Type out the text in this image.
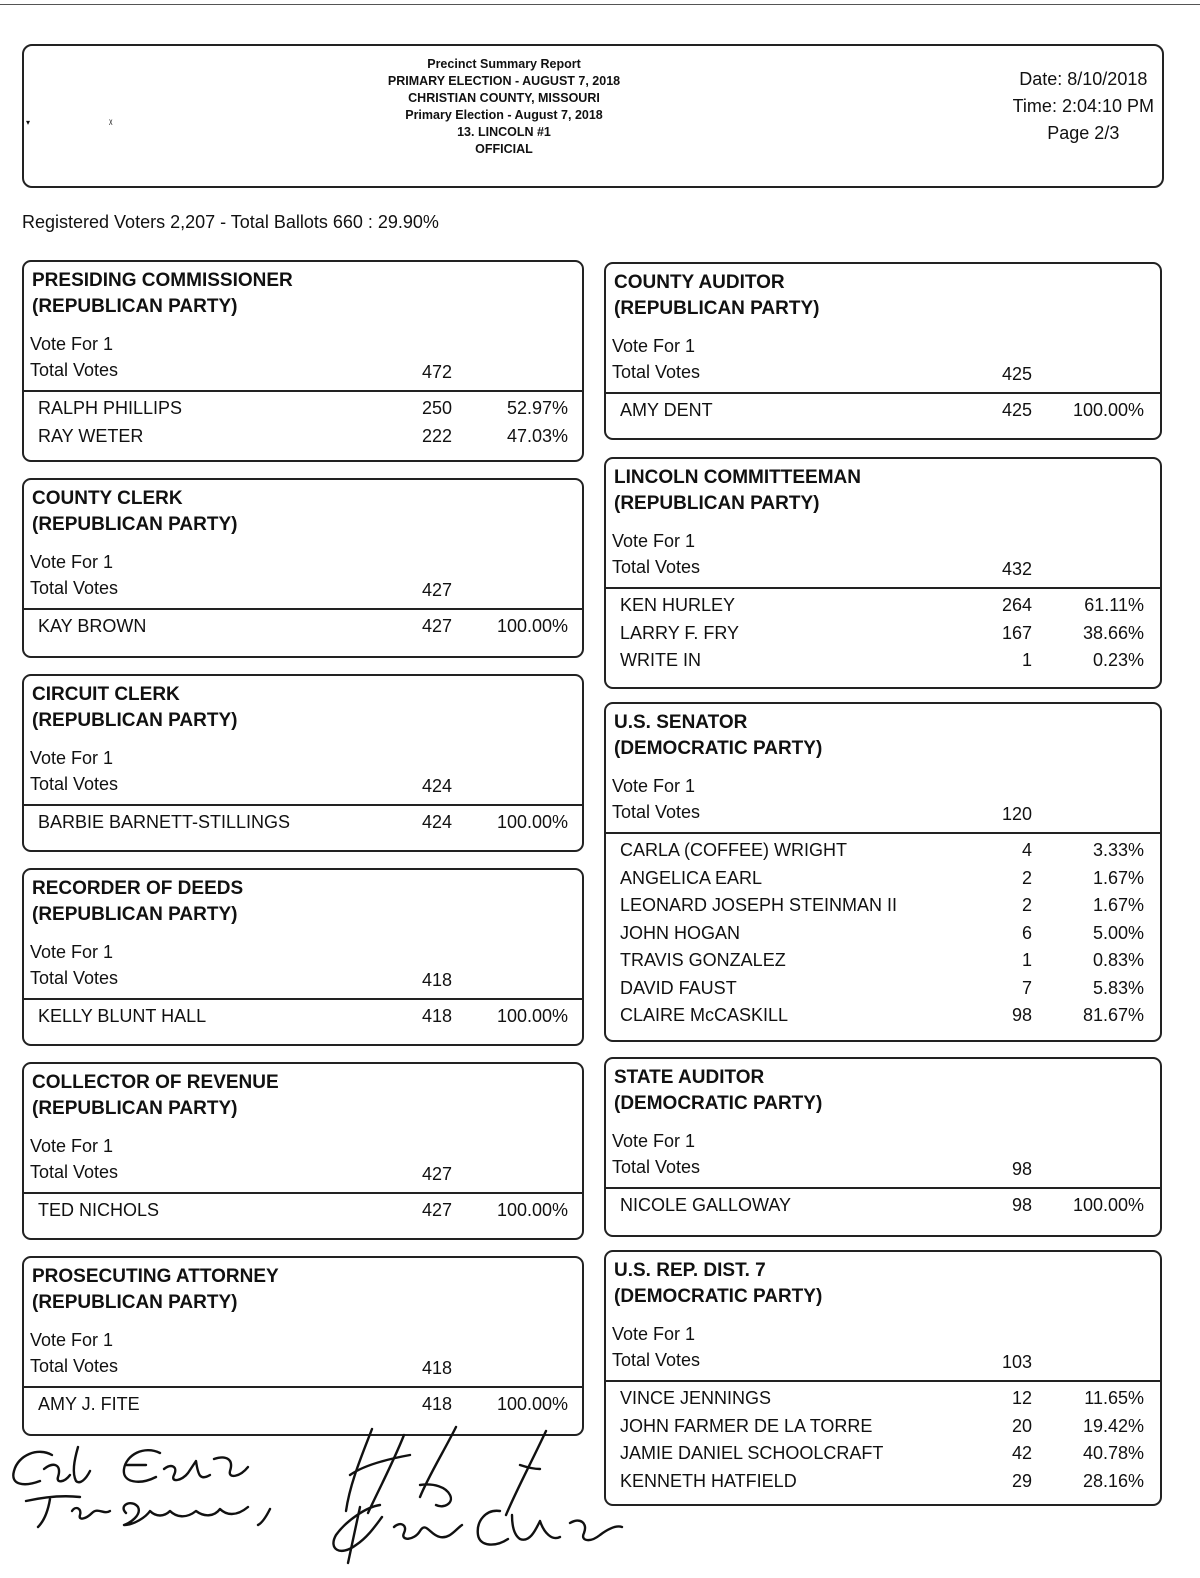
▾	ᵡ
Precinct Summary Report
PRIMARY ELECTION - AUGUST 7, 2018
CHRISTIAN COUNTY, MISSOURI
Primary Election - August 7, 2018
13. LINCOLN #1
OFFICIAL
Date: 8/10/2018
Time: 2:04:10 PM
Page 2/3
Registered Voters 2,207 - Total Ballots 660 : 29.90%
PRESIDING COMMISSIONER
(REPUBLICAN PARTY)
Vote For 1
Total Votes	472
RALPH PHILLIPS	250	52.97%
RAY WETER	222	47.03%
COUNTY CLERK
(REPUBLICAN PARTY)
Vote For 1
Total Votes	427
KAY BROWN	427	100.00%
CIRCUIT CLERK
(REPUBLICAN PARTY)
Vote For 1
Total Votes	424
BARBIE BARNETT-STILLINGS	424	100.00%
RECORDER OF DEEDS
(REPUBLICAN PARTY)
Vote For 1
Total Votes	418
KELLY BLUNT HALL	418	100.00%
COLLECTOR OF REVENUE
(REPUBLICAN PARTY)
Vote For 1
Total Votes	427
TED NICHOLS	427	100.00%
PROSECUTING ATTORNEY
(REPUBLICAN PARTY)
Vote For 1
Total Votes	418
AMY J. FITE	418	100.00%
COUNTY AUDITOR
(REPUBLICAN PARTY)
Vote For 1
Total Votes	425
AMY DENT	425	100.00%
LINCOLN COMMITTEEMAN
(REPUBLICAN PARTY)
Vote For 1
Total Votes	432
KEN HURLEY	264	61.11%
LARRY F. FRY	167	38.66%
WRITE IN	1	0.23%
U.S. SENATOR
(DEMOCRATIC PARTY)
Vote For 1
Total Votes	120
CARLA (COFFEE) WRIGHT	4	3.33%
ANGELICA EARL	2	1.67%
LEONARD JOSEPH STEINMAN II	2	1.67%
JOHN HOGAN	6	5.00%
TRAVIS GONZALEZ	1	0.83%
DAVID FAUST	7	5.83%
CLAIRE McCASKILL	98	81.67%
STATE AUDITOR
(DEMOCRATIC PARTY)
Vote For 1
Total Votes	98
NICOLE GALLOWAY	98	100.00%
U.S. REP. DIST. 7
(DEMOCRATIC PARTY)
Vote For 1
Total Votes	103
VINCE JENNINGS	12	11.65%
JOHN FARMER DE LA TORRE	20	19.42%
JAMIE DANIEL SCHOOLCRAFT	42	40.78%
KENNETH HATFIELD	29	28.16%
